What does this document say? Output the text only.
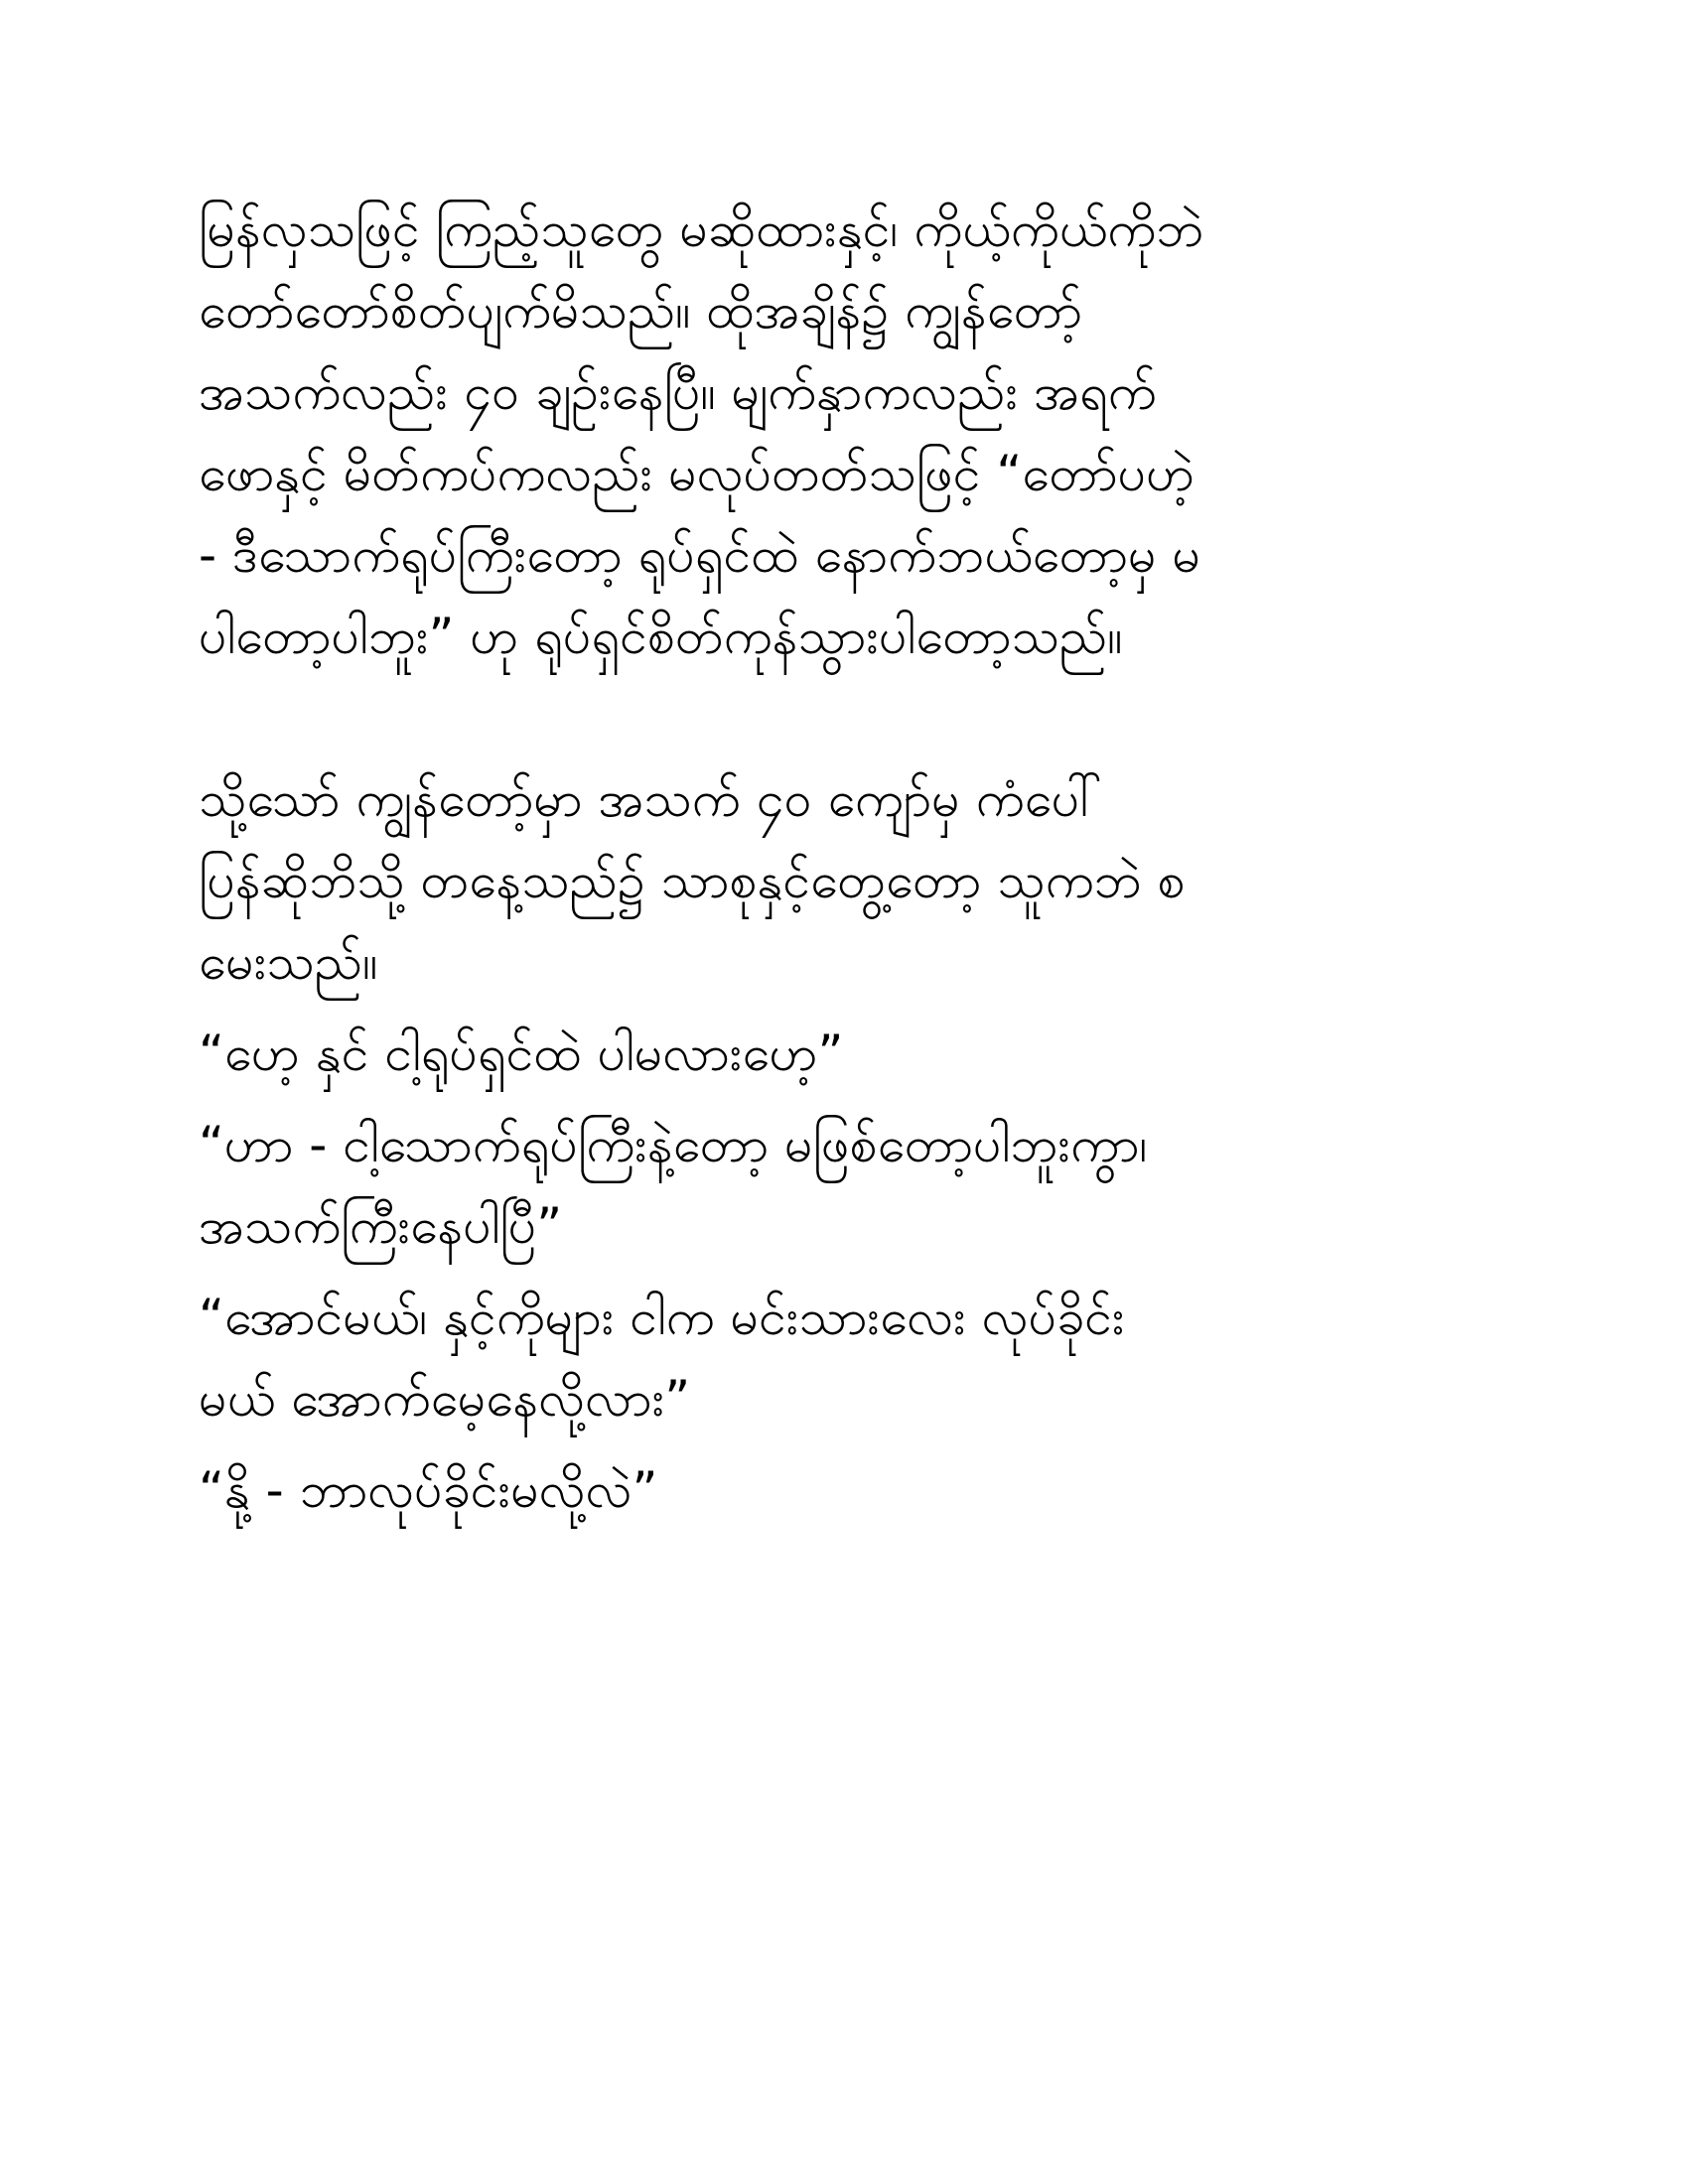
မြန်လှသဖြင့် ကြည့်သူတွေ မဆိုထားနှင့်၊ ကိုယ့်ကိုယ်ကိုဘဲ

တော်တော်စိတ်ပျက်မိသည်။ ထိုအချိန်၌ ကျွန်တော့်

အသက်လည်း ၄၀ ချဉ်းနေပြီ။ မျက်နှာကလည်း အရက်

ဖောနှင့် မိတ်ကပ်ကလည်း မလုပ်တတ်သဖြင့် “တော်ပဟဲ့

- ဒီသောက်ရုပ်ကြီးတော့ ရုပ်ရှင်ထဲ နောက်ဘယ်တော့မှ မ

ပါတော့ပါဘူး” ဟု ရုပ်ရှင်စိတ်ကုန်သွားပါတော့သည်။

သို့သော် ကျွန်တော့်မှာ အသက် ၄၀ ကျော်မှ ကံပေါ်

ပြန်ဆိုဘိသို့ တနေ့သည်၌ သာစုနှင့်တွေ့တော့ သူကဘဲ စ

မေးသည်။

“ဟေ့ နှင် ငါ့ရုပ်ရှင်ထဲ ပါမလားဟေ့”

“ဟာ - ငါ့သောက်ရုပ်ကြီးနဲ့တော့ မဖြစ်တော့ပါဘူးကွာ၊

အသက်ကြီးနေပါပြီ”

“အောင်မယ်၊ နှင့်ကိုများ ငါက မင်းသားလေး လုပ်ခိုင်း

မယ် အောက်မေ့နေလို့လား”

“နို့ - ဘာလုပ်ခိုင်းမလို့လဲ”
